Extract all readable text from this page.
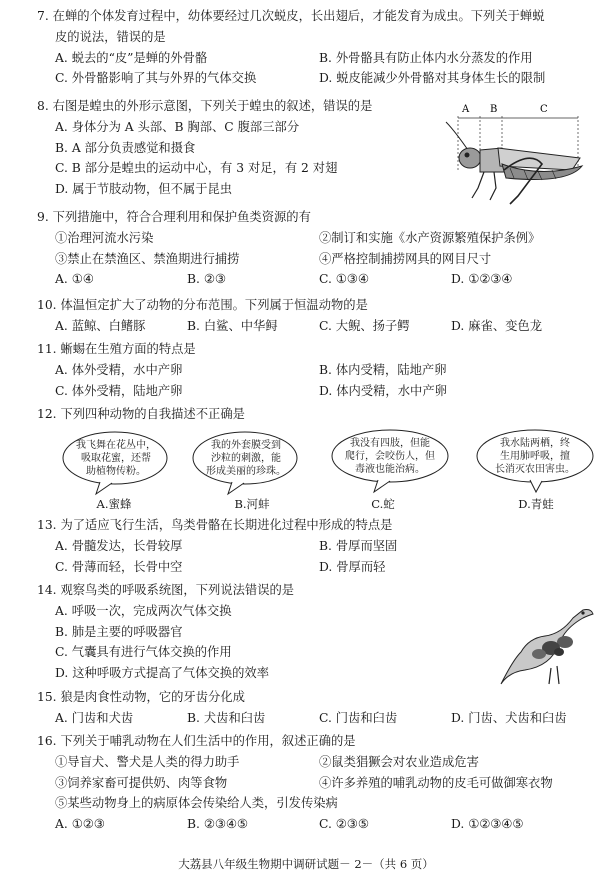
7. 在蝉的个体发育过程中，幼体要经过几次蜕皮，长出翅后，才能发育为成虫。下列关于蝉蜕
皮的说法，错误的是
A. 蜕去的“皮”是蝉的外骨骼	B. 外骨骼具有防止体内水分蒸发的作用
C. 外骨骼影响了其与外界的气体交换	D. 蜕皮能减少外骨骼对其身体生长的限制
8. 右图是蝗虫的外形示意图，下列关于蝗虫的叙述，错误的是
A. 身体分为 A 头部、B 胸部、C 腹部三部分
B. A 部分负责感觉和摄食
C. B 部分是蝗虫的运动中心，有 3 对足，有 2 对翅
D. 属于节肢动物，但不属于昆虫
A B	C
9. 下列措施中，符合合理利用和保护鱼类资源的有
①治理河流水污染	②制订和实施《水产资源繁殖保护条例》
③禁止在禁渔区、禁渔期进行捕捞	④严格控制捕捞网具的网目尺寸
A. ①④	B. ②③	C. ①③④	D. ①②③④
10. 体温恒定扩大了动物的分布范围。下列属于恒温动物的是
A. 蓝鲸、白鳍豚	B. 白鲨、中华鲟	C. 大鲵、扬子鳄	D. 麻雀、变色龙
11. 蜥蜴在生殖方面的特点是
A. 体外受精，水中产卵	B. 体内受精，陆地产卵
C. 体外受精，陆地产卵	D. 体内受精，水中产卵
12. 下列四种动物的自我描述不正确是
我飞舞在花丛中，
吸取花蜜，还帮
助植物传粉。
我的外套膜受到
沙粒的刺激，能
形成美丽的珍珠。
我没有四肢，但能
爬行，会咬伤人，但
毒液也能治病。
我水陆两栖，终
生用肺呼吸，擅
长消灭农田害虫。
A.蜜蜂	B.河蚌	C.蛇	D.青蛙
13. 为了适应飞行生活，鸟类骨骼在长期进化过程中形成的特点是
A. 骨髓发达，长骨较厚	B. 骨厚而坚固
C. 骨薄而轻，长骨中空	D. 骨厚而轻
14. 观察鸟类的呼吸系统图，下列说法错误的是
A. 呼吸一次，完成两次气体交换
B. 肺是主要的呼吸器官
C. 气囊具有进行气体交换的作用
D. 这种呼吸方式提高了气体交换的效率
15. 狼是肉食性动物，它的牙齿分化成
A. 门齿和犬齿	B. 犬齿和臼齿	C. 门齿和臼齿	D. 门齿、犬齿和臼齿
16. 下列关于哺乳动物在人们生活中的作用，叙述正确的是
①导盲犬、警犬是人类的得力助手	②鼠类猖獗会对农业造成危害
③饲养家畜可提供奶、肉等食物	④许多养殖的哺乳动物的皮毛可做御寒衣物
⑤某些动物身上的病原体会传染给人类，引发传染病
A. ①②③	B. ②③④⑤	C. ②③⑤	D. ①②③④⑤
大荔县八年级生物期中调研试题－ 2－（共 6 页）
